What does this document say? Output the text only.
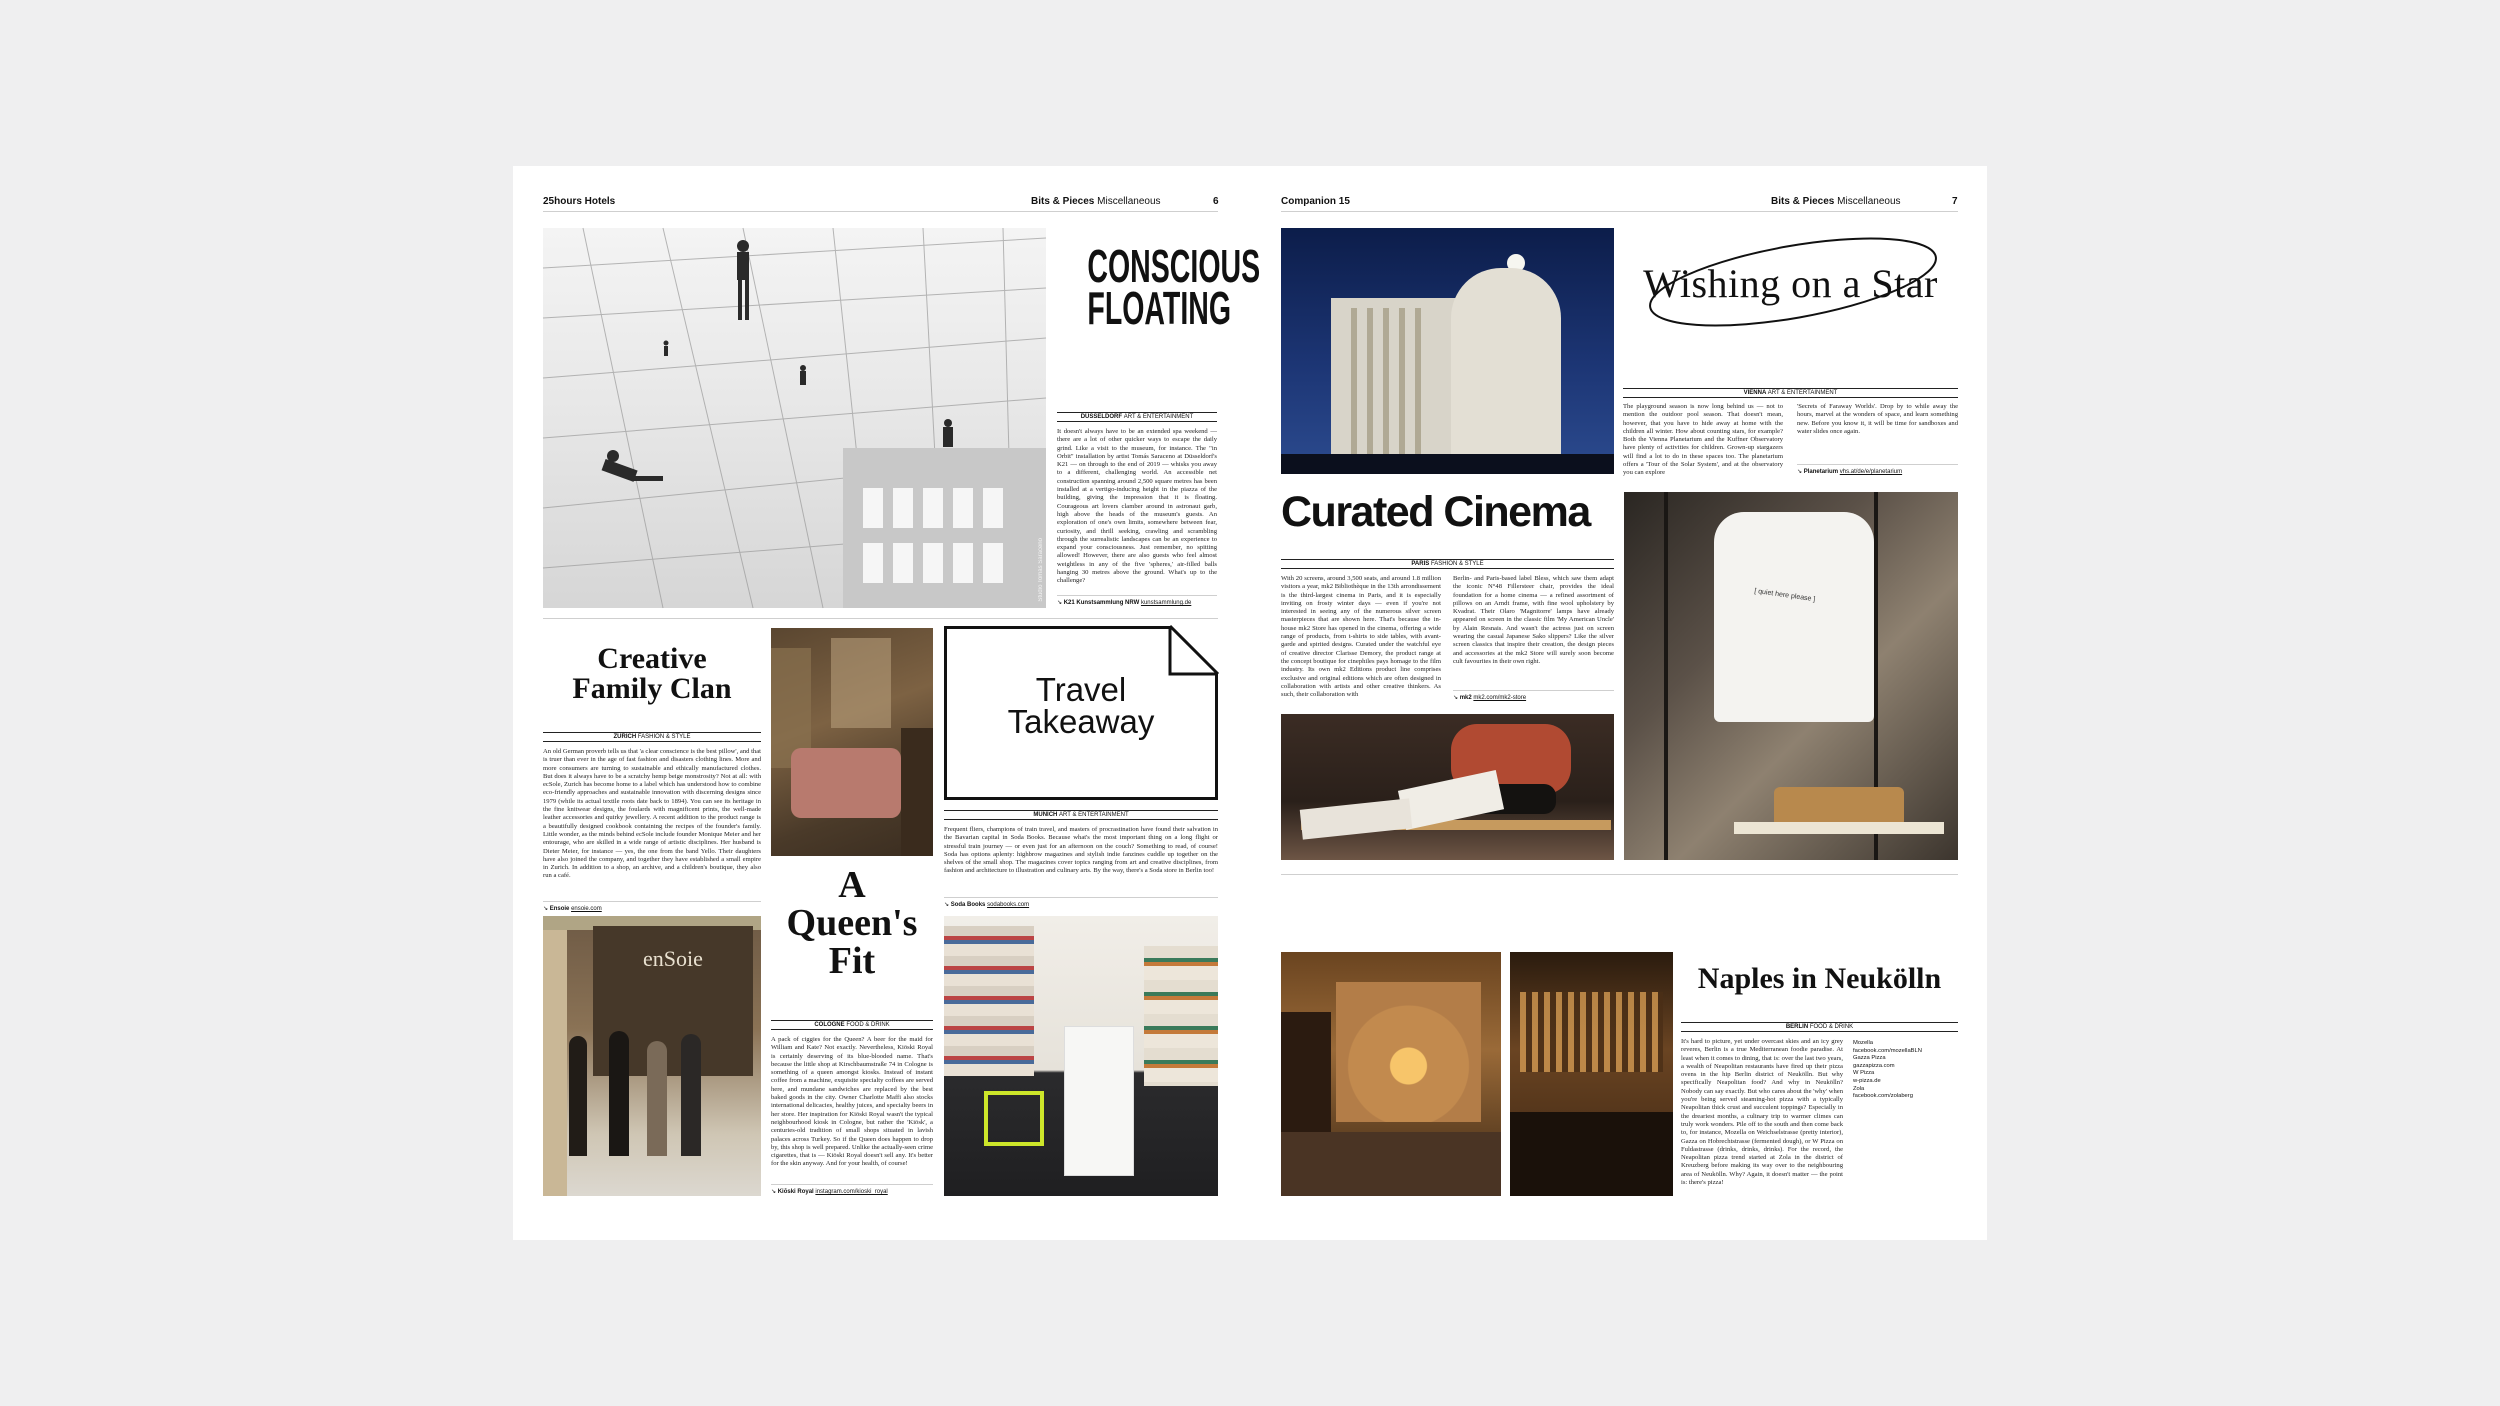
25hours Hotels	Bits & Pieces Miscellaneous	6
Studio Tomás Saraceno
CONSCIOUS
FLOATING
DÜSSELDORF ART & ENTERTAINMENT
It doesn't always have to be an extended spa weekend — there are a lot of other quicker ways to escape the daily grind. Like a visit to the museum, for instance. The "in Orbit" installation by artist Tomás Saraceno at Düsseldorf's K21 — on through to the end of 2019 — whisks you away to a different, challenging world. An accessible net construction spanning around 2,500 square metres has been installed at a vertigo-inducing height in the piazza of the building, giving the impression that it is floating. Courageous art lovers clamber around in astronaut garb, high above the heads of the museum's guests. An exploration of one's own limits, somewhere between fear, curiosity, and thrill seeking, crawling and scrambling through the surrealistic landscapes can be an experience to expand your consciousness. Just remember, no spitting allowed! However, there are also guests who feel almost weightless in any of the five 'spheres,' air-filled balls hanging 30 metres above the ground. What's up to the challenge?
↘ K21 Kunstsammlung NRW kunstsammlung.de
Creative
Family Clan
ZURICH FASHION & STYLE
An old German proverb tells us that 'a clear conscience is the best pillow', and that is truer than ever in the age of fast fashion and disasters clothing lines. More and more consumers are turning to sustainable and ethically manufactured clothes. But does it always have to be a scratchy hemp beige monstrosity? Not at all: with ecSole, Zurich has become home to a label which has understood how to combine eco-friendly approaches and sustainable innovation with discerning designs since 1979 (while its actual textile roots date back to 1894). You can see its heritage in the fine knitwear designs, the foulards with magnificent prints, the well-made leather accessories and quirky jewellery. A recent addition to the product range is a beautifully designed cookbook containing the recipes of the founder's family. Little wonder, as the minds behind ecSole include founder Monique Meier and her entourage, who are skilled in a wide range of artistic disciplines. Her husband is Dieter Meier, for instance — yes, the one from the band Yello. Their daughters have also joined the company, and together they have established a small empire in Zurich. In addition to a shop, an archive, and a children's boutique, they also run a café.
↘ Ensoie ensoie.com
enSoie
Travel
Takeaway
MUNICH ART & ENTERTAINMENT
Frequent fliers, champions of train travel, and masters of procrastination have found their salvation in the Bavarian capital in Soda Books. Because what's the most important thing on a long flight or stressful train journey — or even just for an afternoon on the couch? Something to read, of course! Soda has options aplenty: highbrow magazines and stylish indie fanzines cuddle up together on the shelves of the small shop. The magazines cover topics ranging from art and creative disciplines, from fashion and architecture to illustration and culinary arts. By the way, there's a Soda store in Berlin too!
↘ Soda Books sodabooks.com
A
Queen's
Fit
COLOGNE FOOD & DRINK
A pack of ciggies for the Queen? A beer for the maid for William and Kate? Not exactly. Nevertheless, Kiōski Royal is certainly deserving of its blue-blooded name. That's because the little shop at Kirschbaumstraße 74 in Cologne is something of a queen amongst kiosks. Instead of instant coffee from a machine, exquisite specialty coffees are served here, and mundane sandwiches are replaced by the best baked goods in the city. Owner Charlotte Maffi also stocks international delicacies, healthy juices, and specialty beers in her store. Her inspiration for Kiōski Royal wasn't the typical neighbourhood kiosk in Cologne, but rather the 'Kiōsk', a centuries-old tradition of small shops situated in lavish palaces across Turkey. So if the Queen does happen to drop by, this shop is well prepared. Unlike the actually-seen crime cigarettes, that is — Kiōski Royal doesn't sell any. It's better for the skin anyway. And for your health, of course!
↘ Kiōski Royal instagram.com/kioski_royal
Companion 15	Bits & Pieces Miscellaneous	7
Wishing on a Star
VIENNA ART & ENTERTAINMENT
The playground season is now long behind us — not to mention the outdoor pool season. That doesn't mean, however, that you have to hide away at home with the children all winter. How about counting stars, for example? Both the Vienna Planetarium and the Kuffner Observatory have plenty of activities for children. Grown-up stargazers will find a lot to do in these spaces too. The planetarium offers a 'Tour of the Solar System', and at the observatory you can explore
'Secrets of Faraway Worlds'. Drop by to while away the hours, marvel at the wonders of space, and learn something new. Before you know it, it will be time for sandboxes and water slides once again.
↘ Planetarium vhs.at/de/e/planetarium
Curated Cinema
PARIS FASHION & STYLE
With 20 screens, around 3,500 seats, and around 1.8 million visitors a year, mk2 Bibliothèque in the 13th arrondissement is the third-largest cinema in Paris, and it is especially inviting on frosty winter days — even if you're not interested in seeing any of the numerous silver screen masterpieces that are shown here. That's because the in-house mk2 Store has opened in the cinema, offering a wide range of products, from t-shirts to side tables, with avant-garde and spirited designs. Curated under the watchful eye of creative director Clarisse Demory, the product range at the concept boutique for cinephiles pays homage to the film industry. Its own mk2 Editions product line comprises exclusive and original editions which are often designed in collaboration with artists and other creative thinkers. As such, their collaboration with
Berlin- and Paris-based label Bless, which saw them adapt the iconic N°48 Fillersteer chair, provides the ideal foundation for a home cinema — a refined assortment of pillows on an Arndt frame, with fine wool upholstery by Kvadrat. Their Olaro 'Magnitorre' lamps have already appeared on screen in the classic film 'My American Uncle' by Alain Resnais. And wasn't the actress just on screen wearing the casual Japanese Sako slippers? Like the silver screen classics that inspire their creation, the design pieces and accessories at the mk2 Store will surely soon become cult favourites in their own right.
↘ mk2 mk2.com/mk2-store
[ quiet here please ]
Naples in Neukölln
BERLIN FOOD & DRINK
It's hard to picture, yet under overcast skies and an icy grey reveres, Berlin is a true Mediterranean foodie paradise. At least when it comes to dining, that is: over the last two years, a wealth of Neapolitan restaurants have fired up their pizza ovens in the hip Berlin district of Neukölln. But why specifically Neapolitan food? And why in Neukölln? Nobody can say exactly. But who cares about the 'why' when you're being served steaming-hot pizza with a typically Neapolitan thick crust and succulent toppings? Especially in the dreariest months, a culinary trip to warmer climes can truly work wonders. Pile off to the south and then come back to, for instance, Mozella on Weichselstrasse (pretty interior), Gazza on Hobrechtstrasse (fermented dough), or W Pizza on Fuldastrasse (drinks, drinks, drinks). For the record, the Neapolitan pizza trend started at Zola in the district of Kreuzberg before making its way over to the neighbouring area of Neukölln. Why? Again, it doesn't matter — the point is: there's pizza!
Mozella
facebook.com/mozellaBLN
Gazza Pizza
gazzapizza.com
W Pizza
w-pizza.de
Zola
facebook.com/zolaberg
